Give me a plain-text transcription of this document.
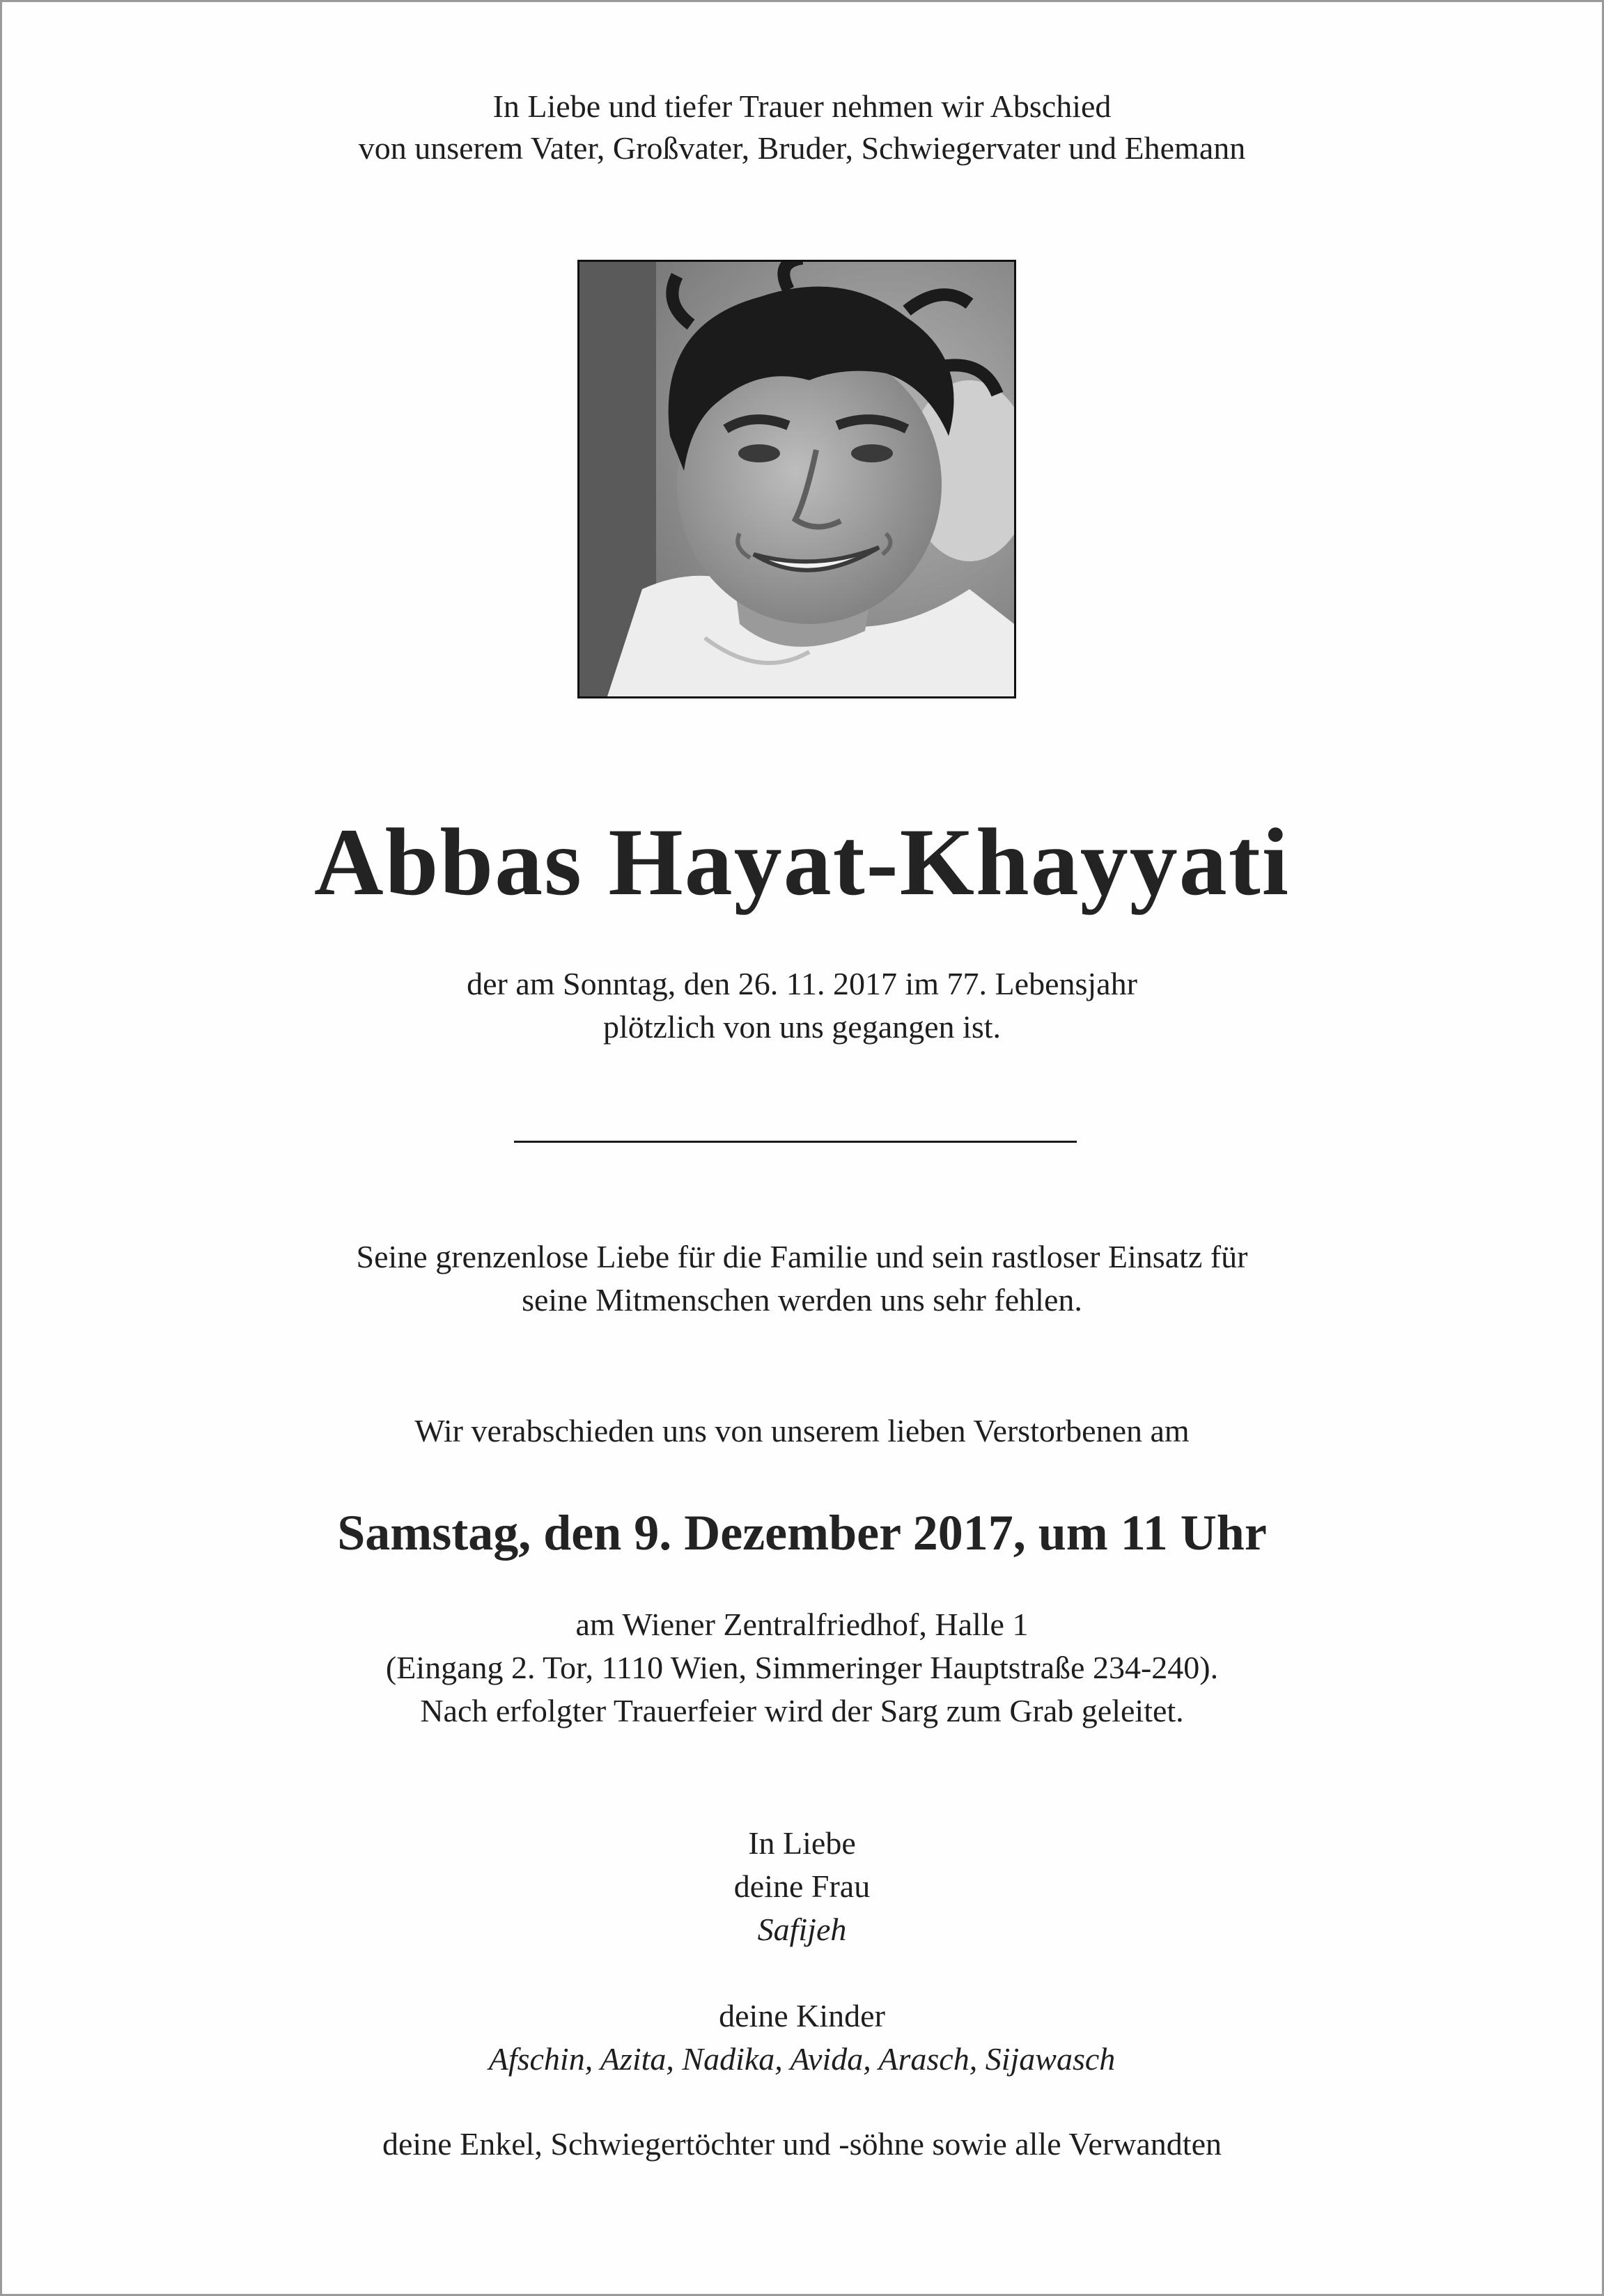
In Liebe und tiefer Trauer nehmen wir Abschied
von unserem Vater, Großvater, Bruder, Schwiegervater und Ehemann
Abbas Hayat-Khayyati
der am Sonntag, den 26. 11. 2017 im 77. Lebensjahr
plötzlich von uns gegangen ist.
Seine grenzenlose Liebe für die Familie und sein rastloser Einsatz für
seine Mitmenschen werden uns sehr fehlen.
Wir verabschieden uns von unserem lieben Verstorbenen am
Samstag, den 9. Dezember 2017, um 11 Uhr
am Wiener Zentralfriedhof, Halle 1
(Eingang 2. Tor, 1110 Wien, Simmeringer Hauptstraße 234-240).
Nach erfolgter Trauerfeier wird der Sarg zum Grab geleitet.
In Liebe
deine Frau
Safijeh
deine Kinder
Afschin, Azita, Nadika, Avida, Arasch, Sijawasch
deine Enkel, Schwiegertöchter und -söhne sowie alle Verwandten
